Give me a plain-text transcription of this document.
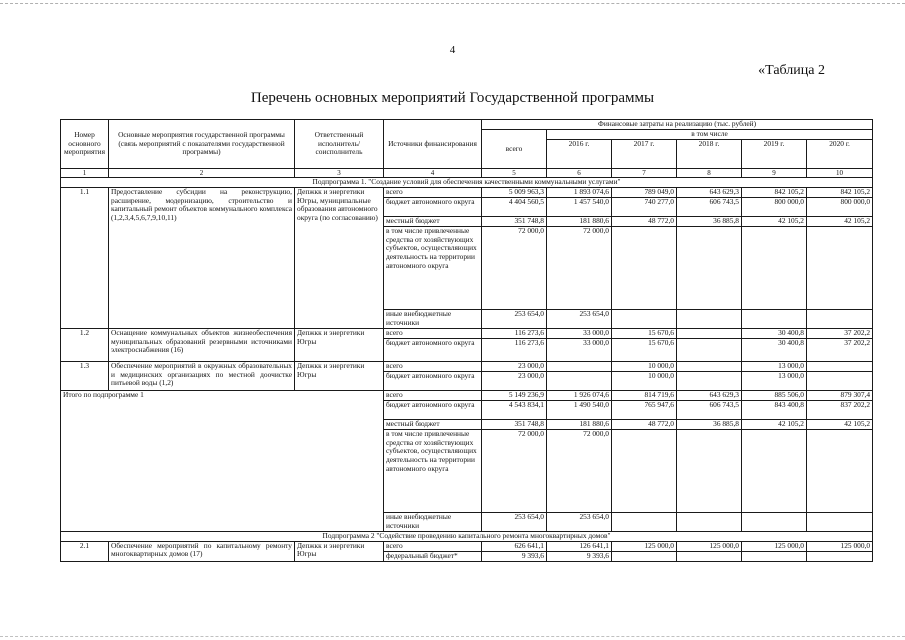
4
«Таблица 2
Перечень основных мероприятий Государственной программы
Номер основного мероприятия	Основные мероприятия государственной программы (связь мероприятий с показателями государственной программы)	Ответственный исполнитель/ соисполнитель	Источники финансирования	Финансовые затраты на реализацию (тыс. рублей)					
				всего	в том числе				
					2016 г.	2017 г.	2018 г.	2019 г.	2020 г.
1	2	3	4	5	6	7	8	9	10
Подпрограмма 1. "Создание условий для обеспечения качественными коммунальными услугами"									
1.1	Предоставление субсидии на реконструкцию, расширение, модернизацию, строительство и капитальный ремонт объектов коммунального комплекса (1,2,3,4,5,6,7,9,10,11)	Депжкк и энергетики Югры, муниципальные образования автономного округа (по согласованию)	всего	5 009 963,3	1 893 074,6	789 049,0	643 629,3	842 105,2	842 105,2
			бюджет автономного округа	4 404 560,5	1 457 540,0	740 277,0	606 743,5	800 000,0	800 000,0
			местный бюджет	351 748,8	181 880,6	48 772,0	36 885,8	42 105,2	42 105,2
			в том числе привлеченные средства от хозяйствующих субъектов, осуществляющих деятельность на территории автономного округа	72 000,0	72 000,0				
			иные внебюджетные источники	253 654,0	253 654,0				
1.2	Оснащение коммунальных объектов жизнеобеспечения муниципальных образований резервными источниками электроснабжения (16)	Депжкк и энергетики Югры	всего	116 273,6	33 000,0	15 670,6		30 400,8	37 202,2
			бюджет автономного округа	116 273,6	33 000,0	15 670,6		30 400,8	37 202,2
1.3	Обеспечение мероприятий в окружных образовательных и медицинских организациях по местной доочистке питьевой воды (1,2)	Депжкк и энергетики Югры	всего	23 000,0		10 000,0		13 000,0	
			бюджет автономного округа	23 000,0		10 000,0		13 000,0	
Итого по подпрограмме 1			всего	5 149 236,9	1 926 074,6	814 719,6	643 629,3	885 506,0	879 307,4
			бюджет автономного округа	4 543 834,1	1 490 540,0	765 947,6	606 743,5	843 400,8	837 202,2
			местный бюджет	351 748,8	181 880,6	48 772,0	36 885,8	42 105,2	42 105,2
			в том числе привлеченные средства от хозяйствующих субъектов, осуществляющих деятельность на территории автономного округа	72 000,0	72 000,0				
			иные внебюджетные источники	253 654,0	253 654,0				
Подпрограмма 2 "Содействие проведению капитального ремонта многоквартирных домов"									
2.1	Обеспечение мероприятий по капитальному ремонту многоквартирных домов (17)	Депжкк и энергетики Югры	всего	626 641,1	126 641,1	125 000,0	125 000,0	125 000,0	125 000,0
			федеральный бюджет*	9 393,6	9 393,6				
